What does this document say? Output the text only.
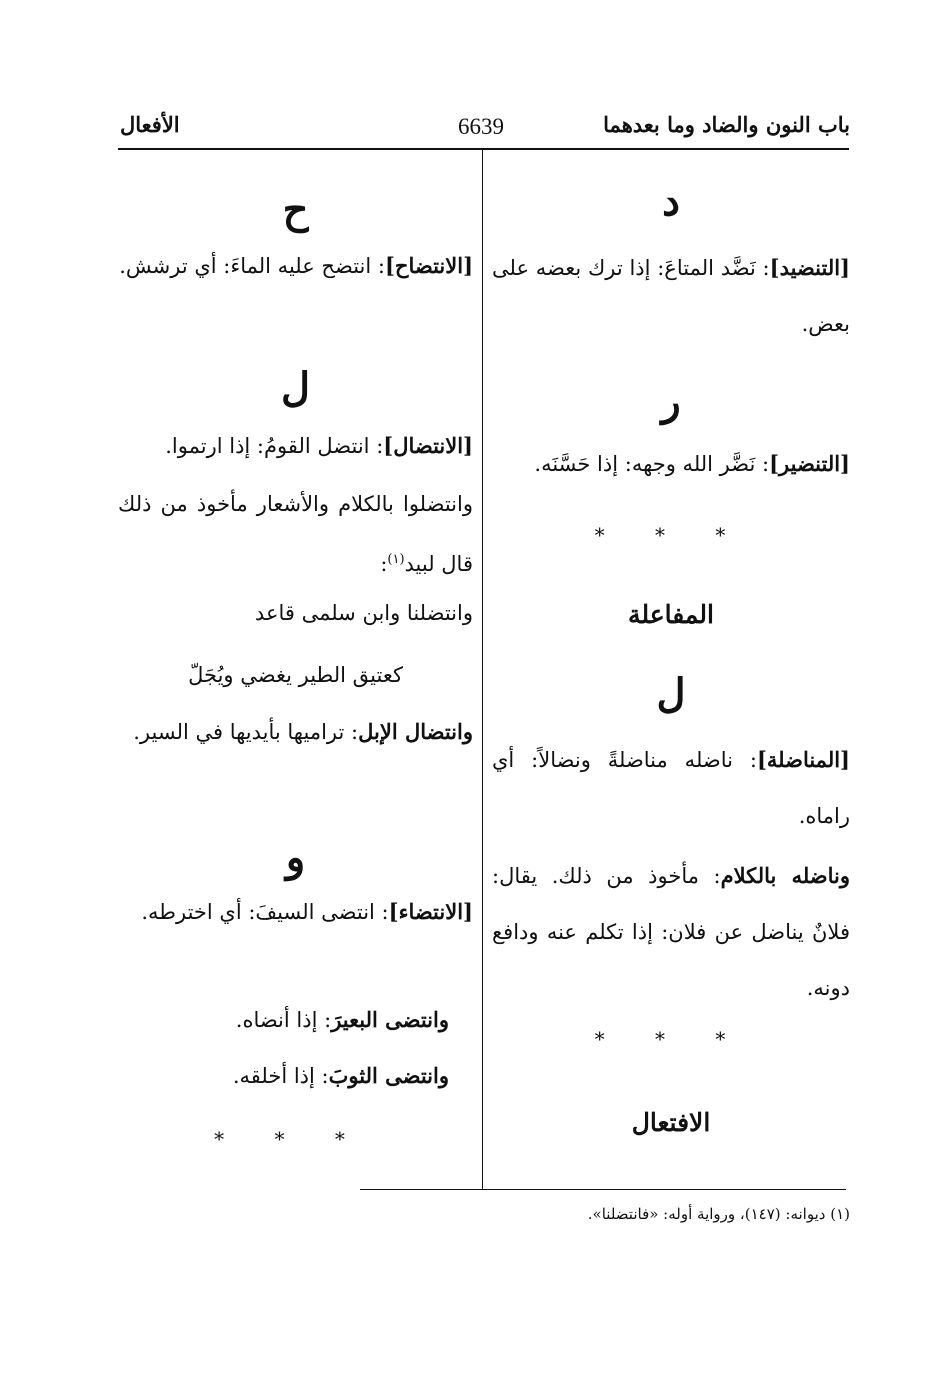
باب النون والضاد وما بعدهما
6639
الأفعال
د

[التنضيد]: نَضَّد المتاعَ: إذا ترك بعضه على بعض.

ر

[التنضير]: نَضَّر الله وجهه: إذا حَسَّنَه.

* * *
المفاعلة
ل

[المناضلة]: ناضله مناضلةً ونضالاً: أي راماه.

وناضله بالكلام: مأخوذ من ذلك. يقال: فلانٌ يناضل عن فلان: إذا تكلم عنه ودافع دونه.

* * *
الافتعال
ح

[الانتضاح]: انتضح عليه الماءَ: أي ترشش.

ل

[الانتضال]: انتضل القومُ: إذا ارتموا.

وانتضلوا بالكلام والأشعار مأخوذ من ذلك قال لبيد$^{(١)}$:

وانتضلنا وابن سلمى قاعد
كعتيق الطير يغضي ويُجَلّ

وانتضال الإبل: ترامیها بأيديها في السير.

و

[الانتضاء]: انتضى السيفَ: أي اخترطه.

وانتضى البعيرَ: إذا أنضاه.

وانتضى الثوبَ: إذا أخلقه.

* * *
(١) ديوانه: (١٤٧)، ورواية أوله: «فانتضلنا».
